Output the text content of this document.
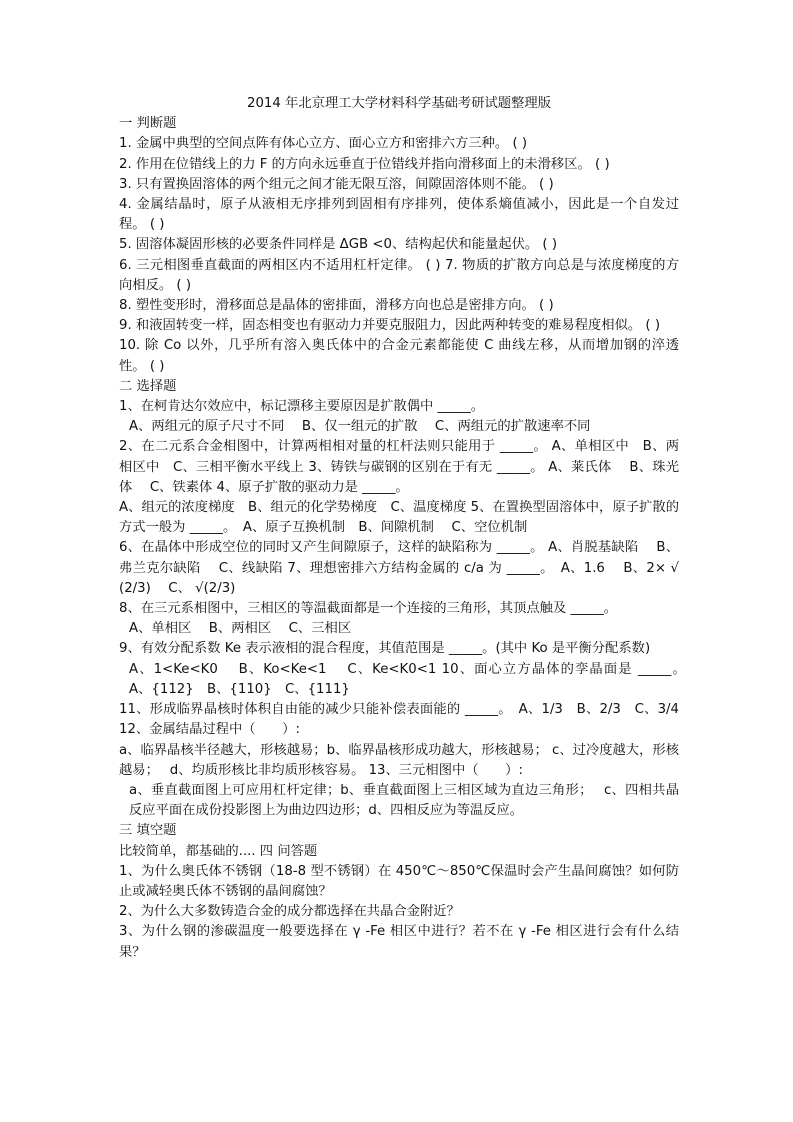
2014 年北京理工大学材料科学基础考研试题整理版
一 判断题
1. 金属中典型的空间点阵有体心立方、面心立方和密排六方三种。 ( )
2. 作用在位错线上的力 F 的方向永远垂直于位错线并指向滑移面上的未滑移区。 ( )
3. 只有置换固溶体的两个组元之间才能无限互溶，间隙固溶体则不能。 ( )
4. 金属结晶时，原子从液相无序排列到固相有序排列，使体系熵值减小，因此是一个自发过程。 ( )
5. 固溶体凝固形核的必要条件同样是 ΔGB <0、结构起伏和能量起伏。 ( )
6. 三元相图垂直截面的两相区内不适用杠杆定律。 ( ) 7. 物质的扩散方向总是与浓度梯度的方向相反。 ( )
8. 塑性变形时，滑移面总是晶体的密排面，滑移方向也总是密排方向。 ( )
9. 和液固转变一样，固态相变也有驱动力并要克服阻力，因此两种转变的难易程度相似。 ( )
10. 除 Co 以外，几乎所有溶入奥氏体中的合金元素都能使 C 曲线左移，从而增加钢的淬透性。 ( )
二 选择题
1、在柯肯达尔效应中，标记漂移主要原因是扩散偶中 _____。
A、两组元的原子尺寸不同　 B、仅一组元的扩散　 C、两组元的扩散速率不同
2、在二元系合金相图中，计算两相相对量的杠杆法则只能用于 _____。 A、单相区中　B、两相区中　C、三相平衡水平线上 3、铸铁与碳钢的区别在于有无 _____。 A、莱氏体　 B、珠光体　 C、铁素体 4、原子扩散的驱动力是 _____。
A、组元的浓度梯度　B、组元的化学势梯度　C、温度梯度 5、在置换型固溶体中，原子扩散的方式一般为 _____。　A、原子互换机制　B、间隙机制　 C、空位机制
6、在晶体中形成空位的同时又产生间隙原子，这样的缺陷称为 _____。 A、肖脱基缺陷　 B、弗兰克尔缺陷　 C、线缺陷 7、理想密排六方结构金属的 c/a 为 _____。　A、1.6　 B、2× √(2/3)　 C、 √(2/3)
8、在三元系相图中，三相区的等温截面都是一个连接的三角形，其顶点触及 _____。
A、单相区　 B、两相区　 C、三相区
9、有效分配系数 Ke 表示液相的混合程度，其值范围是 _____。(其中 Ko 是平衡分配系数)
A、1<Ke<K0　 B、Ko<Ke<1　 C、Ke<K0<1 10、面心立方晶体的孪晶面是 _____。　A、{112}　B、{110}　C、{111}
11、形成临界晶核时体积自由能的减少只能补偿表面能的 _____。　A、1/3　B、2/3　C、3/4 12、金属结晶过程中（　　）:
a、临界晶核半径越大，形核越易；b、临界晶核形成功越大，形核越易； c、过冷度越大，形核越易；　 d、均质形核比非均质形核容易。 13、三元相图中（　　）:
a、垂直截面图上可应用杠杆定律；b、垂直截面图上三相区域为直边三角形；　 c、四相共晶反应平面在成份投影图上为曲边四边形；d、四相反应为等温反应。
三 填空题
比较简单，都基础的.... 四 问答题
1、为什么奥氏体不锈钢（18-8 型不锈钢）在 450℃～850℃保温时会产生晶间腐蚀？如何防止或减轻奥氏体不锈钢的晶间腐蚀？
2、为什么大多数铸造合金的成分都选择在共晶合金附近？
3、为什么钢的渗碳温度一般要选择在 γ -Fe 相区中进行？若不在 γ -Fe 相区进行会有什么结果？
